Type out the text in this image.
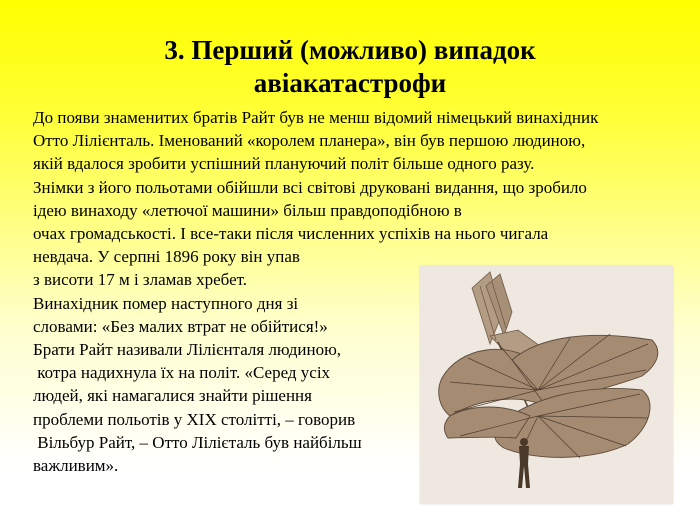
3. Перший (можливо) випадок
авіакатастрофи
До появи знаменитих братів Райт був не менш відомий німецький винахідник
Отто Лілієнталь. Іменований «королем планера», він був першою людиною,
якій вдалося зробити успішний плануючий політ більше одного разу.
Знімки з його польотами обійшли всі світові друковані видання, що зробило
ідею винаходу «летючої машини» більш правдоподібною в
очах громадськості. І все-таки після численних успіхів на нього чигала
невдача. У серпні 1896 року він упав
з висоти 17 м і зламав хребет.
Винахідник помер наступного дня зі
словами: «Без малих втрат не обійтися!»
Брати Райт називали Лілієнталя людиною,
котра надихнула їх на політ. «Серед усіх
людей, які намагалися знайти рішення
проблеми польотів у XIX столітті, – говорив
Вільбур Райт, – Отто Лілієталь був найбільш
важливим».
